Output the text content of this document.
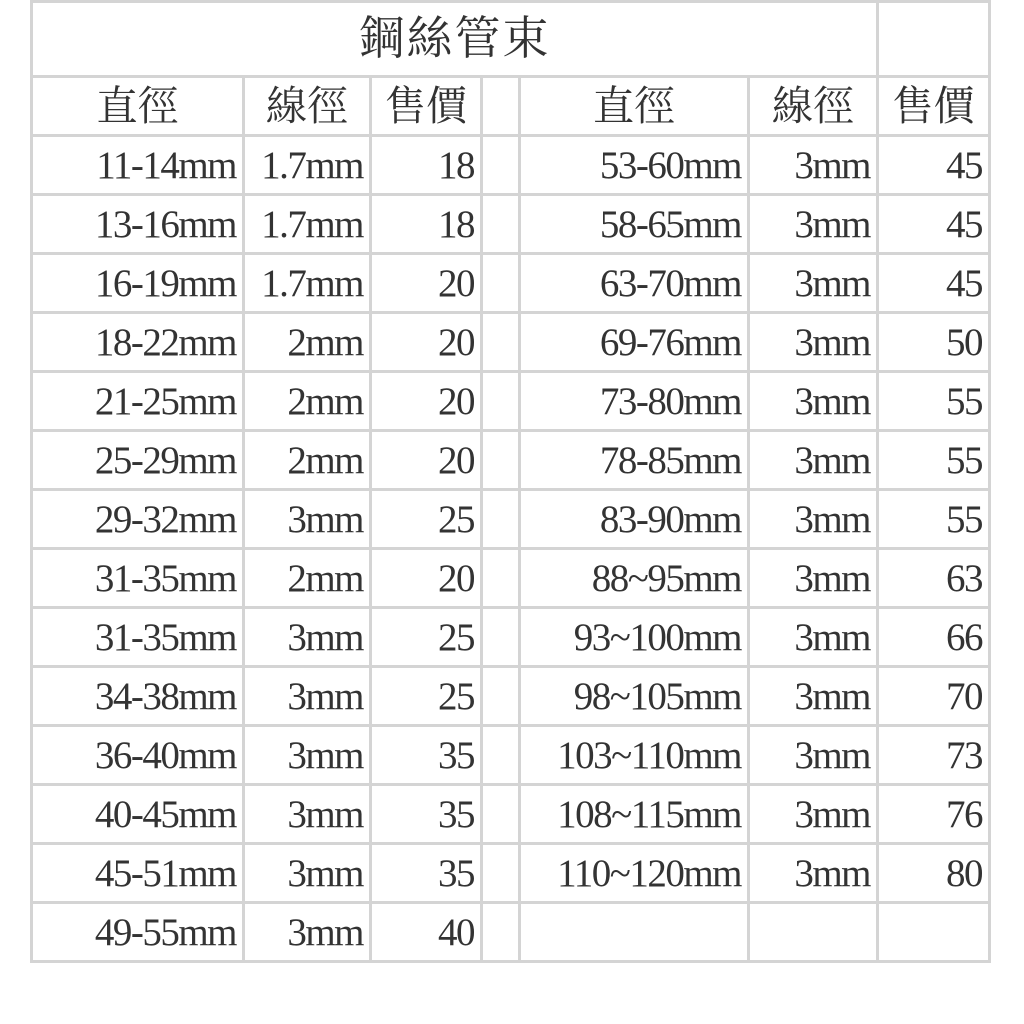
鋼絲管束						
直徑	線徑	售價		直徑	線徑	售價
11-14mm	1.7mm	18		53-60mm	3mm	45
13-16mm	1.7mm	18		58-65mm	3mm	45
16-19mm	1.7mm	20		63-70mm	3mm	45
18-22mm	2mm	20		69-76mm	3mm	50
21-25mm	2mm	20		73-80mm	3mm	55
25-29mm	2mm	20		78-85mm	3mm	55
29-32mm	3mm	25		83-90mm	3mm	55
31-35mm	2mm	20		88~95mm	3mm	63
31-35mm	3mm	25		93~100mm	3mm	66
34-38mm	3mm	25		98~105mm	3mm	70
36-40mm	3mm	35		103~110mm	3mm	73
40-45mm	3mm	35		108~115mm	3mm	76
45-51mm	3mm	35		110~120mm	3mm	80
49-55mm	3mm	40				
